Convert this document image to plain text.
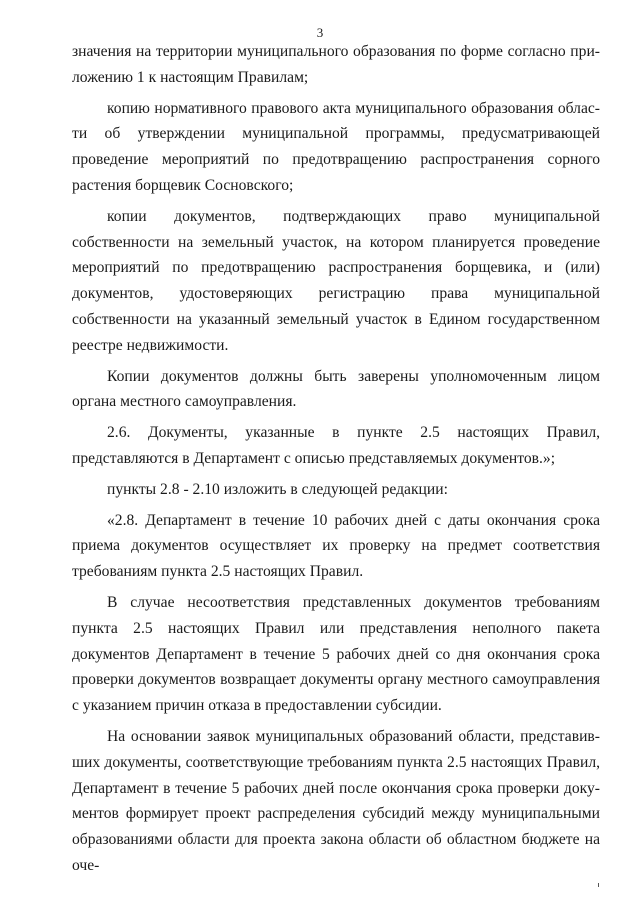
3

значения на территории муниципального образования по форме согласно приложению 1 к настоящим Правилам;

копию нормативного правового акта муниципального образования области об утверждении муниципальной программы, предусматривающей проведение мероприятий по предотвращению распространения сорного растения борщевик Сосновского;

копии документов, подтверждающих право муниципальной собственности на земельный участок, на котором планируется проведение мероприятий по предотвращению распространения борщевика, и (или) документов, удостоверяющих регистрацию права муниципальной собственности на указанный земельный участок в Едином государственном реестре недвижимости.

Копии документов должны быть заверены уполномоченным лицом органа местного самоуправления.

2.6. Документы, указанные в пункте 2.5 настоящих Правил, представляются в Департамент с описью представляемых документов.»;

пункты 2.8 - 2.10 изложить в следующей редакции:

«2.8. Департамент в течение 10 рабочих дней с даты окончания срока приема документов осуществляет их проверку на предмет соответствия требованиям пункта 2.5 настоящих Правил.

В случае несоответствия представленных документов требованиям пункта 2.5 настоящих Правил или представления неполного пакета документов Департамент в течение 5 рабочих дней со дня окончания срока проверки документов возвращает документы органу местного самоуправления с указанием причин отказа в предоставлении субсидии.

На основании заявок муниципальных образований области, представивших документы, соответствующие требованиям пункта 2.5 настоящих Правил, Департамент в течение 5 рабочих дней после окончания срока проверки документов формирует проект распределения субсидий между муниципальными образованиями области для проекта закона области об областном бюджете на оче-
